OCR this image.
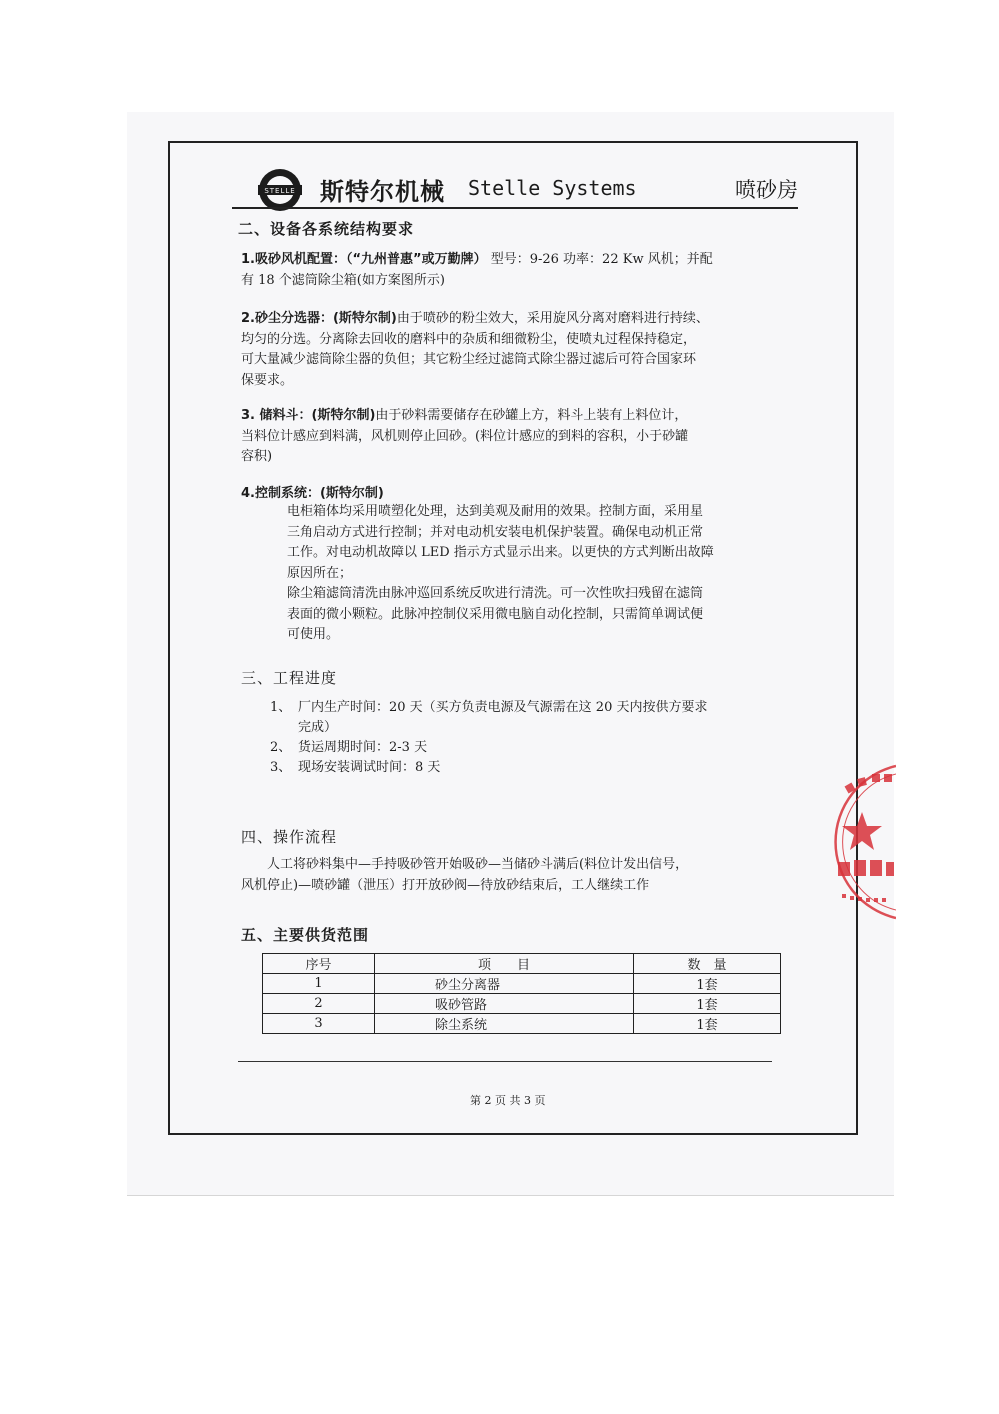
STELLE 斯特尔机械 Stelle Systems	喷砂房
二、设备各系统结构要求
1.吸砂风机配置：（“九州普惠”或万勤牌） 型号：9-26 功率：22 Kw 风机；并配
有 18 个滤筒除尘箱(如方案图所示)
2.砂尘分选器：(斯特尔制)由于喷砂的粉尘效大，采用旋风分离对磨料进行持续、
均匀的分选。分离除去回收的磨料中的杂质和细微粉尘，使喷丸过程保持稳定，
可大量减少滤筒除尘器的负但；其它粉尘经过滤筒式除尘器过滤后可符合国家环
保要求。
3. 储料斗：(斯特尔制)由于砂料需要储存在砂罐上方，料斗上装有上料位计，
当料位计感应到料满，风机则停止回砂。(料位计感应的到料的容积，小于砂罐
容积)
4.控制系统：(斯特尔制)
电柜箱体均采用喷塑化处理，达到美观及耐用的效果。控制方面，采用星
三角启动方式进行控制；并对电动机安装电机保护装置。确保电动机正常
工作。对电动机故障以 LED 指示方式显示出来。以更快的方式判断出故障
原因所在；
除尘箱滤筒清洗由脉冲巡回系统反吹进行清洗。可一次性吹扫残留在滤筒
表面的微小颗粒。此脉冲控制仪采用微电脑自动化控制，只需简单调试便
可使用。
三、工程进度
1、 厂内生产时间：20 天（买方负责电源及气源需在这 20 天内按供方要求
完成）
2、 货运周期时间：2-3 天
3、 现场安装调试时间：8 天
四、操作流程
人工将砂料集中—手持吸砂管开始吸砂—当储砂斗满后(料位计发出信号，
风机停止)—喷砂罐（泄压）打开放砂阀—待放砂结束后，工人继续工作
五、主要供货范围
序号	项　　目	数　量
1	砂尘分离器	1套
2	吸砂管路	1套
3	除尘系统	1套
第 2 页 共 3 页
